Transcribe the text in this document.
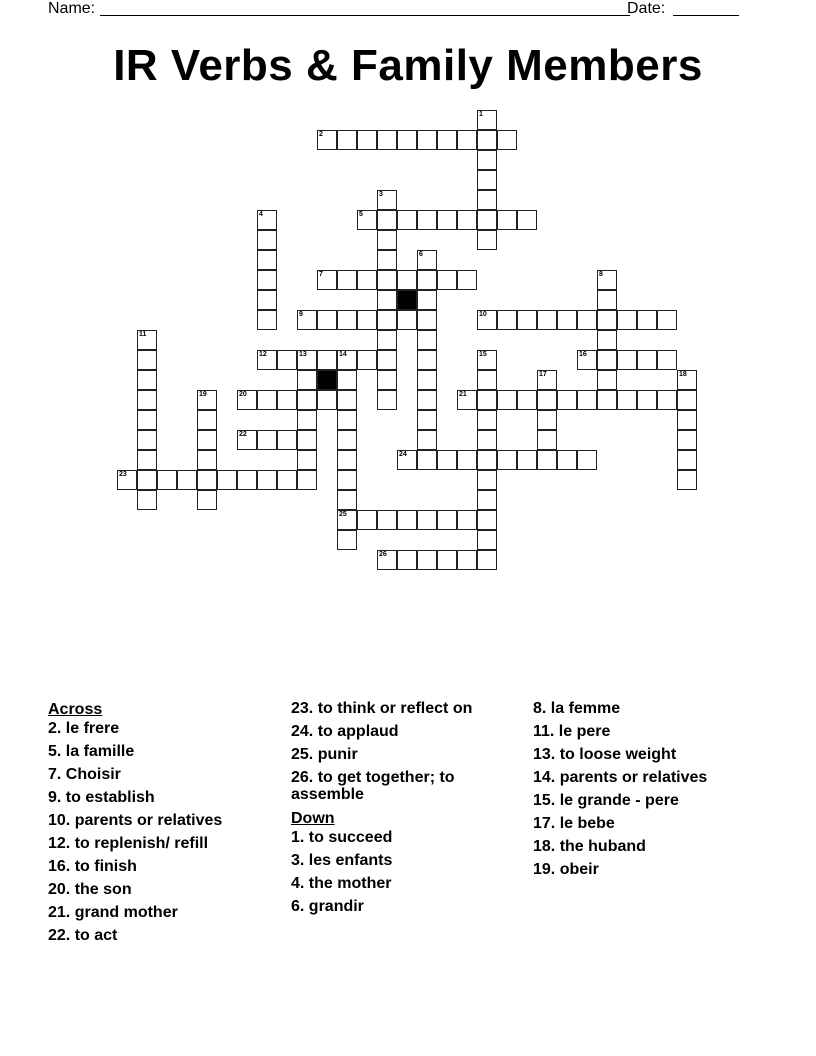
Name:	Date:
IR Verbs & Family Members
1
2
3
4	5
6
7	8
9	10
11
12	13	14
25
15	16
17	18
19	20	21
22
23
24
26
Across
2. le frere
5. la famille
7. Choisir
9. to establish
10. parents or relatives
12. to replenish/ refill
16. to finish
20. the son
21. grand mother
22. to act
23. to think or reflect on
24. to applaud
25. punir
26. to get together; to assemble
Down
1. to succeed
3. les enfants
4. the mother
6. grandir
8. la femme
11. le pere
13. to loose weight
14. parents or relatives
15. le grande - pere
17. le bebe
18. the huband
19. obeir
